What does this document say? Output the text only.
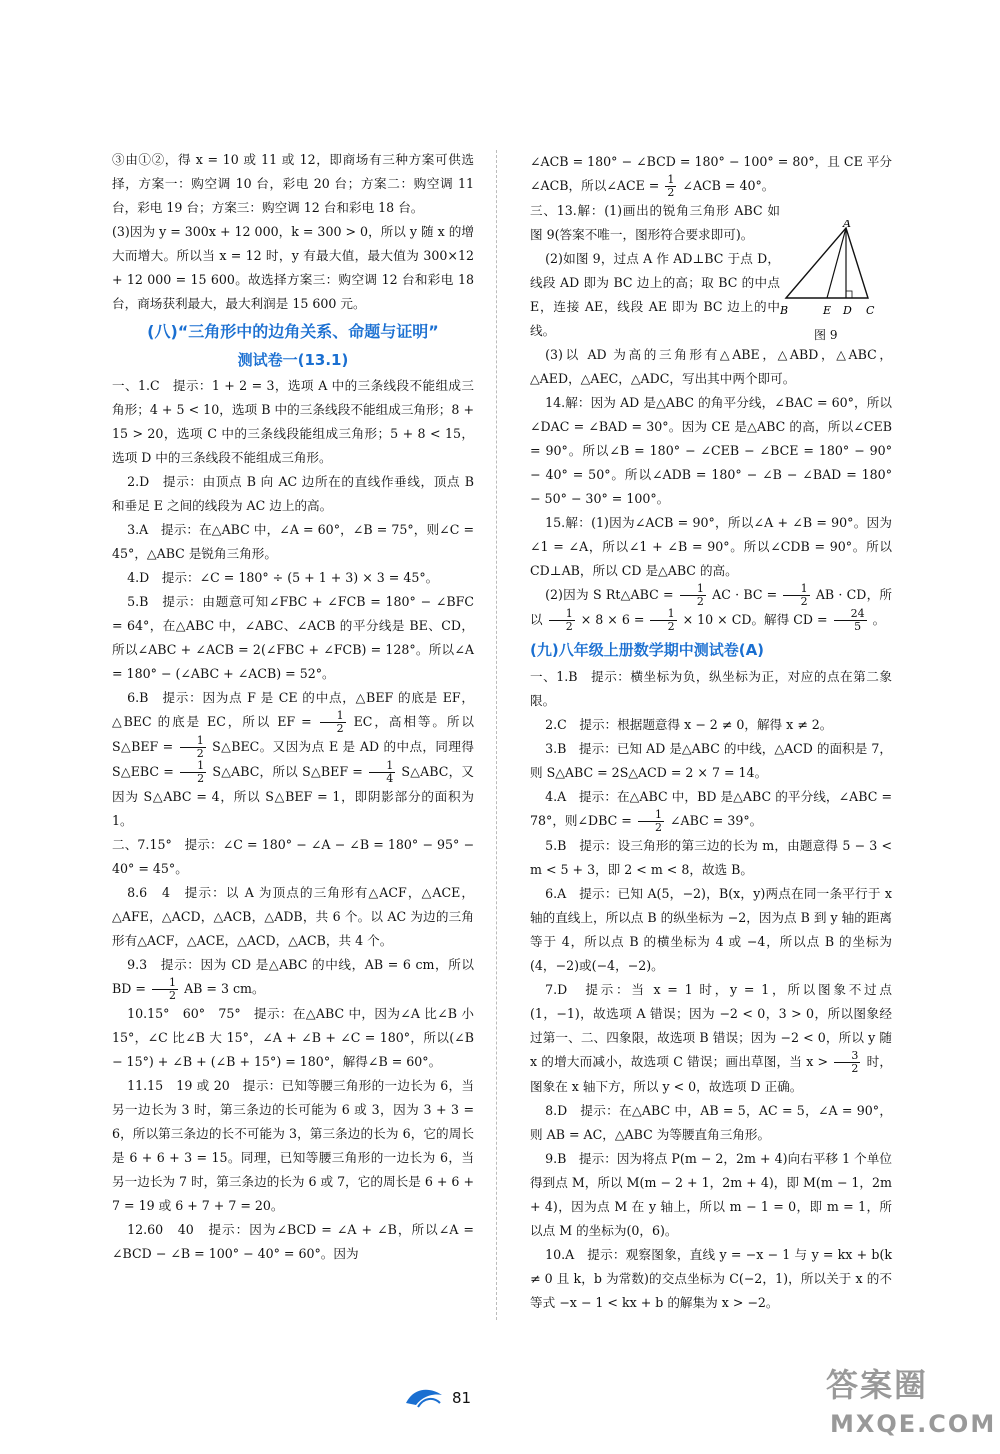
③由①②，得 x = 10 或 11 或 12，即商场有三种方案可供选择，方案一：购空调 10 台，彩电 20 台；方案二：购空调 11 台，彩电 19 台；方案三：购空调 12 台和彩电 18 台。

(3)因为 y = 300x + 12 000，k = 300 > 0，所以 y 随 x 的增大而增大。所以当 x = 12 时，y 有最大值，最大值为 300×12 + 12 000 = 15 600。故选择方案三：购空调 12 台和彩电 18 台，商场获利最大，最大利润是 15 600 元。

(八)“三角形中的边角关系、命题与证明”
测试卷一(13.1)

一、1.C　提示：1 + 2 = 3，选项 A 中的三条线段不能组成三角形；4 + 5 < 10，选项 B 中的三条线段不能组成三角形；8 + 15 > 20，选项 C 中的三条线段能组成三角形；5 + 8 < 15，选项 D 中的三条线段不能组成三角形。

2.D　提示：由顶点 B 向 AC 边所在的直线作垂线，顶点 B 和垂足 E 之间的线段为 AC 边上的高。

3.A　提示：在△ABC 中，∠A = 60°，∠B = 75°，则∠C = 45°，△ABC 是锐角三角形。

4.D　提示：∠C = 180° ÷ (5 + 1 + 3) × 3 = 45°。

5.B　提示：由题意可知∠FBC + ∠FCB = 180° − ∠BFC = 64°，在△ABC 中，∠ABC、∠ACB 的平分线是 BE、CD，所以∠ABC + ∠ACB = 2(∠FBC + ∠FCB) = 128°。所以∠A = 180° − (∠ABC + ∠ACB) = 52°。

6.B　提示：因为点 F 是 CE 的中点，△BEF 的底是 EF，△BEC 的底是 EC，所以 EF = $\frac{1}{2}$ EC，高相等。所以 S△BEF = $\frac{1}{2}$ S△BEC。又因为点 E 是 AD 的中点，同理得 S△EBC = $\frac{1}{2}$ S△ABC，所以 S△BEF = $\frac{1}{4}$ S△ABC，又因为 S△ABC = 4，所以 S△BEF = 1，即阴影部分的面积为 1。

二、7.15°　提示：∠C = 180° − ∠A − ∠B = 180° − 95° − 40° = 45°。

8.6　4　提示：以 A 为顶点的三角形有△ACF，△ACE，△AFE，△ACD，△ACB，△ADB，共 6 个。以 AC 为边的三角形有△ACF，△ACE，△ACD，△ACB，共 4 个。

9.3　提示：因为 CD 是△ABC 的中线，AB = 6 cm，所以 BD = $\frac{1}{2}$ AB = 3 cm。

10.15°　60°　75°　提示：在△ABC 中，因为∠A 比∠B 小 15°，∠C 比∠B 大 15°，∠A + ∠B + ∠C = 180°，所以(∠B − 15°) + ∠B + (∠B + 15°) = 180°，解得∠B = 60°。

11.15　19 或 20　提示：已知等腰三角形的一边长为 6，当另一边长为 3 时，第三条边的长可能为 6 或 3，因为 3 + 3 = 6，所以第三条边的长不可能为 3，第三条边的长为 6，它的周长是 6 + 6 + 3 = 15。同理，已知等腰三角形的一边长为 6，当另一边长为 7 时，第三条边的长为 6 或 7，它的周长是 6 + 6 + 7 = 19 或 6 + 7 + 7 = 20。

12.60　40　提示：因为∠BCD = ∠A + ∠B，所以∠A = ∠BCD − ∠B = 100° − 40° = 60°。因为

∠ACB = 180° − ∠BCD = 180° − 100° = 80°，且 CE 平分∠ACB，所以∠ACE = $\frac{1}{2}$ ∠ACB = 40°。

三、13.解：(1)画出的锐角三角形 ABC 如图 9(答案不唯一，图形符合要求即可)。

(2)如图 9，过点 A 作 AD⊥BC 于点 D，线段 AD 即为 BC 边上的高；取 BC 的中点 E，连接 AE，线段 AE 即为 BC 边上的中线。

(3)以 AD 为高的三角形有△ABE，△ABD，△ABC，△AED，△AEC，△ADC，写出其中两个即可。

14.解：因为 AD 是△ABC 的角平分线，∠BAC = 60°，所以∠DAC = ∠BAD = 30°。因为 CE 是△ABC 的高，所以∠CEB = 90°。所以∠B = 180° − ∠CEB − ∠BCE = 180° − 90° − 40° = 50°。所以∠ADB = 180° − ∠B − ∠BAD = 180° − 50° − 30° = 100°。

15.解：(1)因为∠ACB = 90°，所以∠A + ∠B = 90°。因为∠1 = ∠A，所以∠1 + ∠B = 90°。所以∠CDB = 90°。所以 CD⊥AB，所以 CD 是△ABC 的高。

(2)因为 S Rt△ABC = $\frac{1}{2}$ AC · BC = $\frac{1}{2}$ AB · CD，所以 $\frac{1}{2} \times 8 \times 6 = \frac{1}{2} \times 10$ × CD。解得 CD = $\frac{24}{5}$ 。

(九)八年级上册数学期中测试卷(A)

一、1.B　提示：横坐标为负，纵坐标为正，对应的点在第二象限。

2.C　提示：根据题意得 x − 2 ≠ 0，解得 x ≠ 2。

3.B　提示：已知 AD 是△ABC 的中线，△ACD 的面积是 7，则 S△ABC = 2S△ACD = 2 × 7 = 14。

4.A　提示：在△ABC 中，BD 是△ABC 的平分线，∠ABC = 78°，则∠DBC = $\frac{1}{2}$ ∠ABC = 39°。

5.B　提示：设三角形的第三边的长为 m，由题意得 5 − 3 < m < 5 + 3，即 2 < m < 8，故选 B。

6.A　提示：已知 A(5，−2)，B(x，y)两点在同一条平行于 x 轴的直线上，所以点 B 的纵坐标为 −2，因为点 B 到 y 轴的距离等于 4，所以点 B 的横坐标为 4 或 −4，所以点 B 的坐标为(4，−2)或(−4，−2)。

7.D　提示：当 x = 1 时，y = 1，所以图象不过点(1，−1)，故选项 A 错误；因为 −2 < 0，3 > 0，所以图象经过第一、二、四象限，故选项 B 错误；因为 −2 < 0，所以 y 随 x 的增大而减小，故选项 C 错误；画出草图，当 $x > \frac{3}{2}$ 时，图象在 x 轴下方，所以 y < 0，故选项 D 正确。

8.D　提示：在△ABC 中，AB = 5，AC = 5，∠A = 90°，则 AB = AC，△ABC 为等腰直角三角形。

9.B　提示：因为将点 P(m − 2，2m + 4)向右平移 1 个单位得到点 M，所以 M(m − 2 + 1，2m + 4)，即 M(m − 1，2m + 4)，因为点 M 在 y 轴上，所以 m − 1 = 0，即 m = 1，所以点 M 的坐标为(0，6)。

10.A　提示：观察图象，直线 y = −x − 1 与 y = kx + b(k ≠ 0 且 k，b 为常数)的交点坐标为 C(−2，1)，所以关于 x 的不等式 −x − 1 < kx + b 的解集为 x > −2。

A
B	E D C
图 9
81	答案圈
MXQE.COM
